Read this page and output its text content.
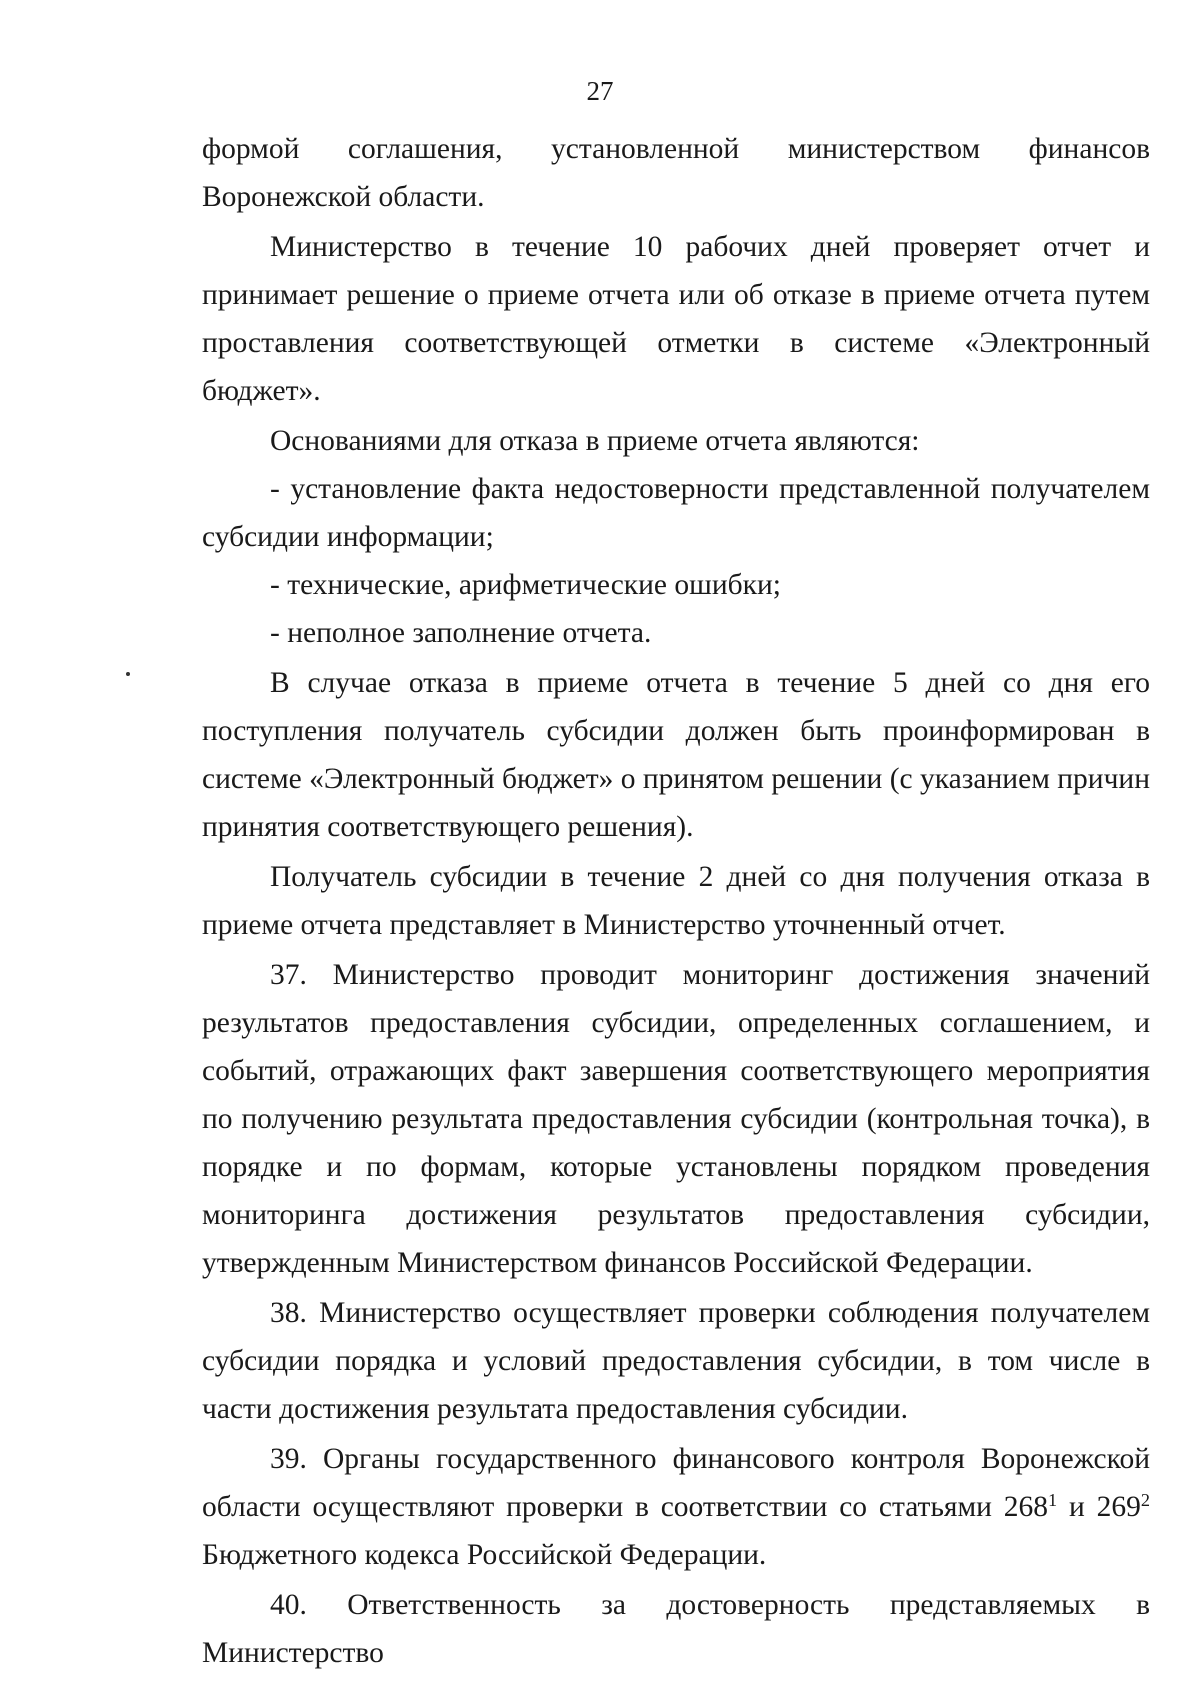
27

формой соглашения, установленной министерством финансов Воронежской области.

Министерство в течение 10 рабочих дней проверяет отчет и принимает решение о приеме отчета или об отказе в приеме отчета путем проставления соответствующей отметки в системе «Электронный бюджет».

Основаниями для отказа в приеме отчета являются:

- установление факта недостоверности представленной получателем субсидии информации;

- технические, арифметические ошибки;

- неполное заполнение отчета.

В случае отказа в приеме отчета в течение 5 дней со дня его поступления получатель субсидии должен быть проинформирован в системе «Электронный бюджет» о принятом решении (с указанием причин принятия соответствующего решения).

Получатель субсидии в течение 2 дней со дня получения отказа в приеме отчета представляет в Министерство уточненный отчет.

37. Министерство проводит мониторинг достижения значений результатов предоставления субсидии, определенных соглашением, и событий, отражающих факт завершения соответствующего мероприятия по получению результата предоставления субсидии (контрольная точка), в порядке и по формам, которые установлены порядком проведения мониторинга достижения результатов предоставления субсидии, утвержденным Министерством финансов Российской Федерации.

38. Министерство осуществляет проверки соблюдения получателем субсидии порядка и условий предоставления субсидии, в том числе в части достижения результата предоставления субсидии.

39. Органы государственного финансового контроля Воронежской области осуществляют проверки в соответствии со статьями $268^1$ и $269^2$ Бюджетного кодекса Российской Федерации.

40. Ответственность за достоверность представляемых в Министерство
